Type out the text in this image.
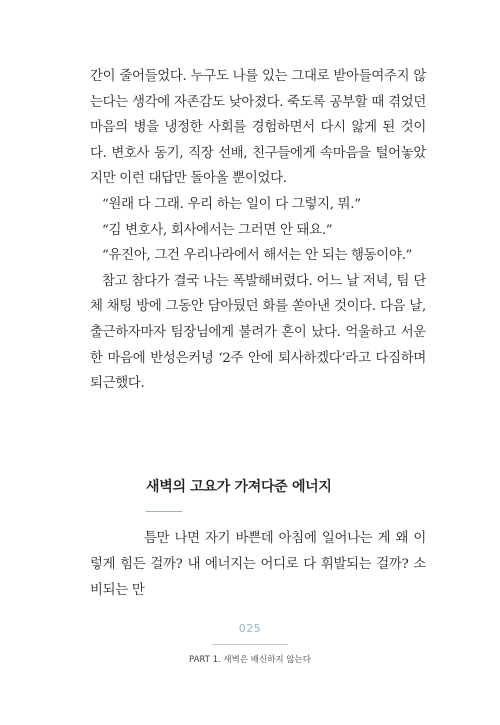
간이 줄어들었다. 누구도 나를 있는 그대로 받아들여주지 않는다는 생각에 자존감도 낮아졌다. 죽도록 공부할 때 겪었던 마음의 병을 냉정한 사회를 경험하면서 다시 앓게 된 것이다. 변호사 동기, 직장 선배, 친구들에게 속마음을 털어놓았지만 이런 대답만 돌아올 뿐이었다.

“원래 다 그래. 우리 하는 일이 다 그렇지, 뭐.”

“김 변호사, 회사에서는 그러면 안 돼요.”

“유진아, 그건 우리나라에서 해서는 안 되는 행동이야.”

참고 참다가 결국 나는 폭발해버렸다. 어느 날 저녁, 팀 단체 채팅 방에 그동안 담아뒀던 화를 쏟아낸 것이다. 다음 날, 출근하자마자 팀장님에게 불려가 혼이 났다. 억울하고 서운한 마음에 반성은커녕 ‘2주 안에 퇴사하겠다’라고 다짐하며 퇴근했다.

새벽의 고요가 가져다준 에너지

틈만 나면 자기 바쁜데 아침에 일어나는 게 왜 이렇게 힘든 걸까? 내 에너지는 어디로 다 휘발되는 걸까? 소비되는 만

025
PART 1. 새벽은 배신하지 않는다
